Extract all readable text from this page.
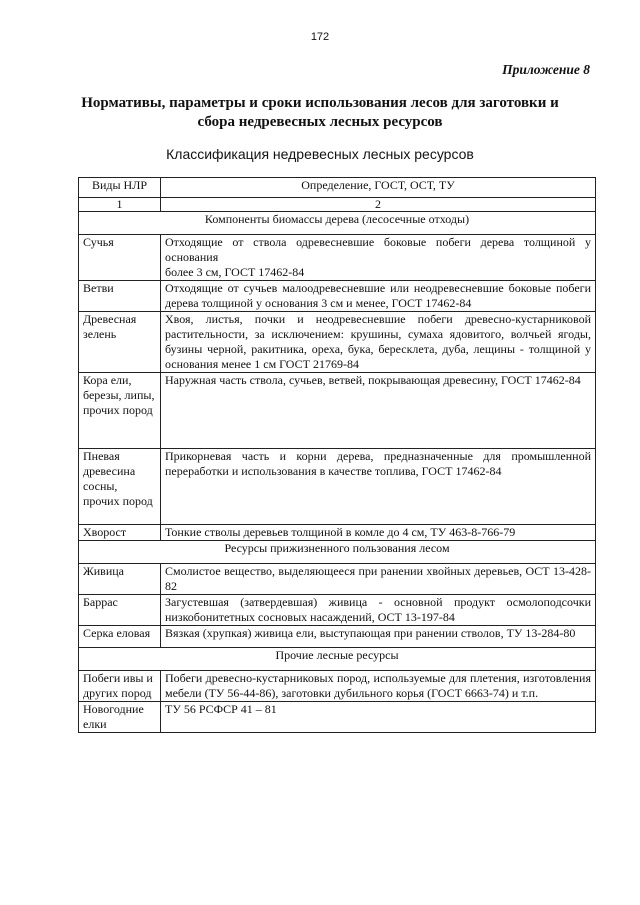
172
Приложение 8
Нормативы, параметры и сроки использования лесов для заготовки и
сбора недревесных лесных ресурсов
Классификация недревесных лесных ресурсов
Виды НЛР	Определение, ГОСТ, ОСТ, ТУ
1	2
Компоненты биомассы дерева (лесосечные отходы)	
Сучья	Отходящие от ствола одревесневшие боковые побеги дерева толщиной у основания
более 3 см, ГОСТ 17462-84

Ветви	Отходящие от сучьев малоодревесневшие или неодревесневшие боковые побеги дерева толщиной у основания 3 см и менее, ГОСТ 17462-84
Древесная зелень	Хвоя, листья, почки и неодревесневшие побеги древесно-кустарниковой растительности, за исключением: крушины, сумаха ядовитого, волчьей ягоды, бузины черной, ракитника, ореха, бука, бересклета, дуба, лещины - толщиной у основания менее 1 см ГОСТ 21769-84
Кора ели, березы, липы, прочих пород	Наружная часть ствола, сучьев, ветвей, покрывающая древесину, ГОСТ 17462-84
Пневая древесина сосны, прочих пород	Прикорневая часть и корни дерева, предназначенные для промышленной переработки и использования в качестве топлива, ГОСТ 17462-84
Хворост	Тонкие стволы деревьев толщиной в комле до 4 см, ТУ 463-8-766-79
Ресурсы прижизненного пользования лесом	
Живица	Смолистое вещество, выделяющееся при ранении хвойных деревьев, ОСТ 13-428-82
Баррас	Загустевшая (затвердевшая) живица - основной продукт осмолоподсочки низкобонитетных сосновых насаждений, ОСТ 13-197-84
Серка еловая	Вязкая (хрупкая) живица ели, выступающая при ранении стволов, ТУ 13-284-80
Прочие лесные ресурсы	
Побеги ивы и других пород	Побеги древесно-кустарниковых пород, используемые для плетения, изготовления мебели (ТУ 56-44-86), заготовки дубильного корья (ГОСТ 6663-74) и т.п.
Новогодние елки	ТУ 56 РСФСР 41 – 81
